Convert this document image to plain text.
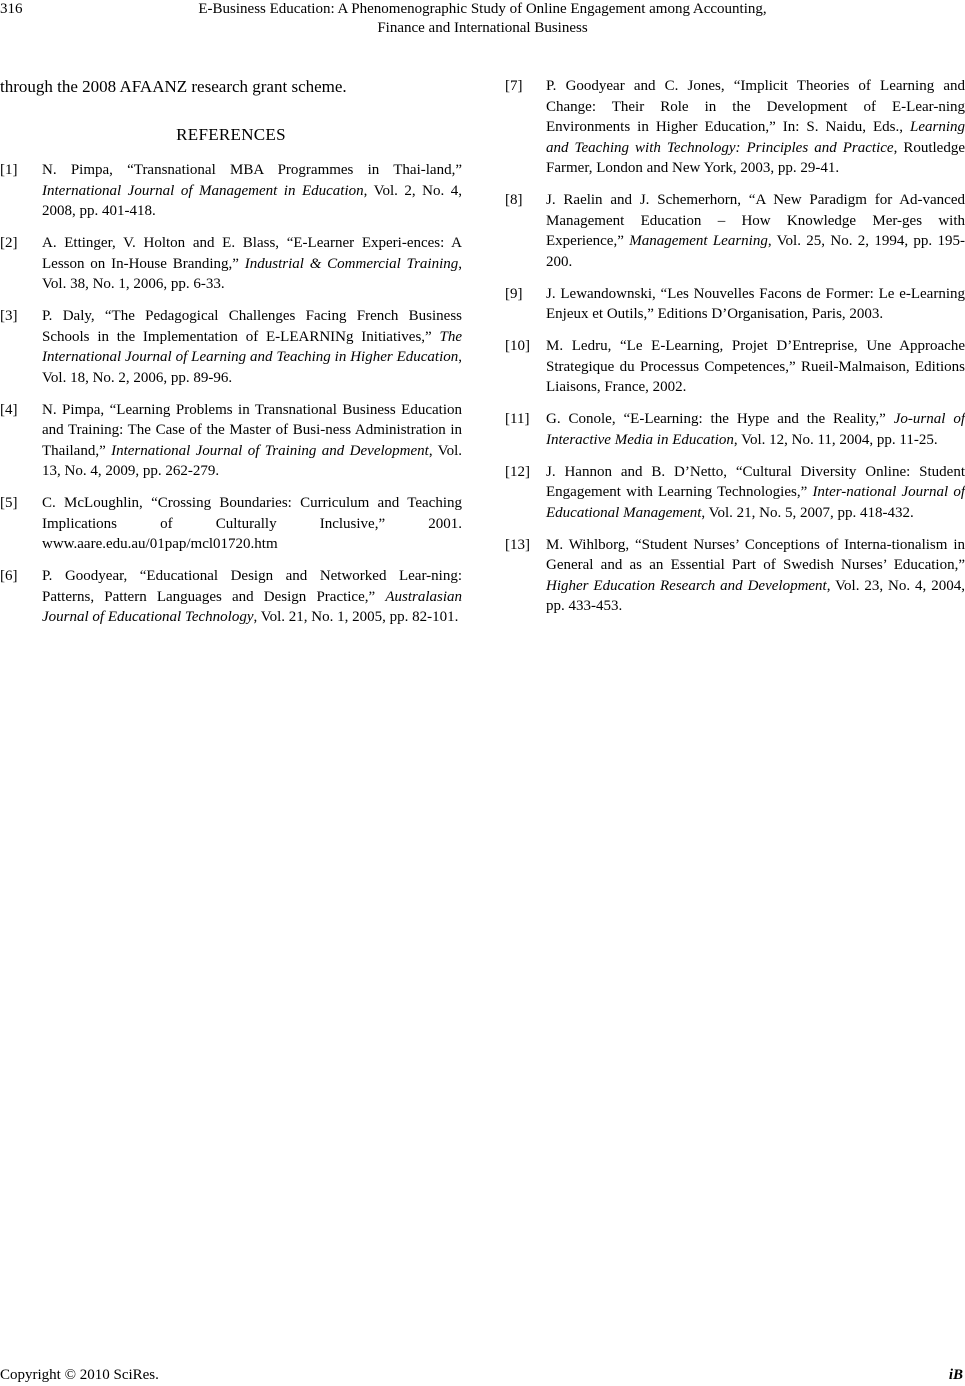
316	E-Business Education: A Phenomenographic Study of Online Engagement among Accounting,
Finance and International Business

through the 2008 AFAANZ research grant scheme.

REFERENCES
[1]	N. Pimpa, “Transnational MBA Programmes in Thai-land,” International Journal of Management in Education, Vol. 2, No. 4, 2008, pp. 401-418.
[2]	A. Ettinger, V. Holton and E. Blass, “E-Learner Experi-ences: A Lesson on In-House Branding,” Industrial & Commercial Training, Vol. 38, No. 1, 2006, pp. 6-33.
[3]	P. Daly, “The Pedagogical Challenges Facing French Business Schools in the Implementation of E-LEARNINg Initiatives,” The International Journal of Learning and Teaching in Higher Education, Vol. 18, No. 2, 2006, pp. 89-96.
[4]	N. Pimpa, “Learning Problems in Transnational Business Education and Training: The Case of the Master of Busi-ness Administration in Thailand,” International Journal of Training and Development, Vol. 13, No. 4, 2009, pp. 262-279.
[5]	C. McLoughlin, “Crossing Boundaries: Curriculum and Teaching Implications of Culturally Inclusive,” 2001. www.aare.edu.au/01pap/mcl01720.htm
[6]	P. Goodyear, “Educational Design and Networked Lear-ning: Patterns, Pattern Languages and Design Practice,” Australasian Journal of Educational Technology, Vol. 21, No. 1, 2005, pp. 82-101.
[7]	P. Goodyear and C. Jones, “Implicit Theories of Learning and Change: Their Role in the Development of E-Lear-ning Environments in Higher Education,” In: S. Naidu, Eds., Learning and Teaching with Technology: Principles and Practice, Routledge Farmer, London and New York, 2003, pp. 29-41.
[8]	J. Raelin and J. Schemerhorn, “A New Paradigm for Ad-vanced Management Education – How Knowledge Mer-ges with Experience,” Management Learning, Vol. 25, No. 2, 1994, pp. 195-200.
[9]	J. Lewandownski, “Les Nouvelles Facons de Former: Le e-Learning Enjeux et Outils,” Editions D’Organisation, Paris, 2003.
[10]	M. Ledru, “Le E-Learning, Projet D’Entreprise, Une Approache Strategique du Processus Competences,” Rueil-Malmaison, Editions Liaisons, France, 2002.
[11]	G. Conole, “E-Learning: the Hype and the Reality,” Jo-urnal of Interactive Media in Education, Vol. 12, No. 11, 2004, pp. 11-25.
[12]	J. Hannon and B. D’Netto, “Cultural Diversity Online: Student Engagement with Learning Technologies,” Inter-national Journal of Educational Management, Vol. 21, No. 5, 2007, pp. 418-432.
[13]	M. Wihlborg, “Student Nurses’ Conceptions of Interna-tionalism in General and as an Essential Part of Swedish Nurses’ Education,” Higher Education Research and Development, Vol. 23, No. 4, 2004, pp. 433-453.
Copyright © 2010 SciRes.	iB
